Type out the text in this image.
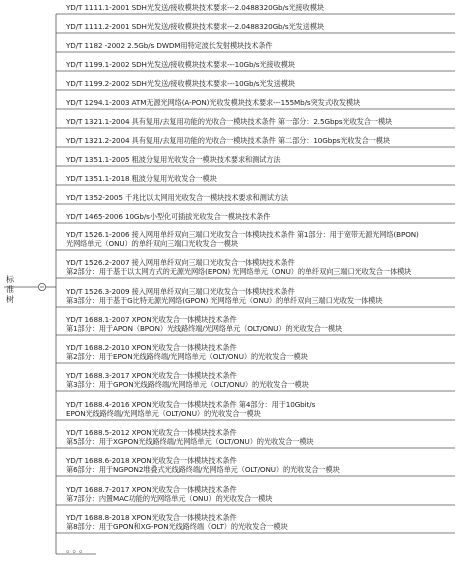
标准树
YD/T 1111.1-2001 SDH光发送/接收模块技术要求---2.0488320Gb/s光接收模块
YD/T 1111.2-2001 SDH光发送/接收模块技术要求---2.0488320Gb/s光发送模块
YD/T 1182 -2002 2.5Gb/s DWDM用特定波长发射模块技术条件
YD/T 1199.1-2002 SDH光发送/接收模块技术要求---10Gb/s光接收模块
YD/T 1199.2-2002 SDH光发送/接收模块技术要求---10Gb/s光发送模块
YD/T 1294.1-2003 ATM无源光网络(A-PON)光收发模块技术要求---155Mb/s突发式收发模块
YD/T 1321.1-2004 具有复用/去复用功能的光收合一模块技术条件 第一部分：2.5Gbps光收发合一模块
YD/T 1321.2-2004 具有复用/去复用功能的光收合一模块技术条件 第二部分：10Gbps光收发合一模块
YD/T 1351.1-2005 粗波分复用光收发合一模块技术要求和测试方法
YD/T 1351.1-2018 粗波分复用光收发合一模块
YD/T 1352-2005 千兆比以太网用光收发合一模块技术要求和测试方法
YD/T 1465-2006 10Gb/s小型化可插拔光收发合一模块技术条件
YD/T 1526.1-2006 接入网用单纤双向三端口光收发合一体模块技术条件 第1部分：用于宽带无源光网络(BPON)
光网络单元（ONU）的单纤双向三端口光收发合一模块
YD/T 1526.2-2007 接入网用单纤双向三端口光收发合一体模块技术条件
第2部分：用于基于以太网方式的无源光网络(EPON) 光网络单元（ONU）的单纤双向三端口光收发合一体模块
YD/T 1526.3-2009 接入网用单纤双向三端口光收发合一体模块技术条件
第3部分：用于基于G比特无源光网络(GPON) 光网络单元（ONU）的单纤双向三端口光收发一体模块
YD/T 1688.1-2007 XPON光收发合一体模块技术条件
第1部分：用于APON（BPON）光线路终端/光网络单元（OLT/ONU）的光收发合一模块
YD/T 1688.2-2010 XPON光收发合一体模块技术条件
第2部分：用于EPON光线路终端/光网络单元（OLT/ONU）的光收发合一模块
YD/T 1688.3-2017 XPON光收发合一体模块技术条件
第3部分：用于GPON光线路终端/光网络单元（OLT/ONU）的光收发合一模块
YD/T 1688.4-2016 XPON光收发合一体模块技术条件 第4部分：用于10Gbit/s
EPON光线路终端/光网络单元（OLT/ONU）的光收发合一模块
YD/T 1688.5-2012 XPON光收发合一体模块技术条件
第5部分：用于XGPON光线路终端/光网络单元（OLT/ONU）的光收发合一模块
YD/T 1688.6-2018 XPON光收发合一体模块技术条件
第6部分：用于NGPON2堆叠式光线路终端/光网络单元（OLT/ONU）的光收发合一模块
YD/T 1688.7-2017 XPON光收发合一体模块技术条件
第7部分：内置MAC功能的光网络单元（ONU）的光收发合一模块
YD/T 1688.8-2018 XPON光收发合一体模块技术条件
第8部分：用于GPON和XG-PON光线路终端（OLT）的光收发合一模块
。。。
